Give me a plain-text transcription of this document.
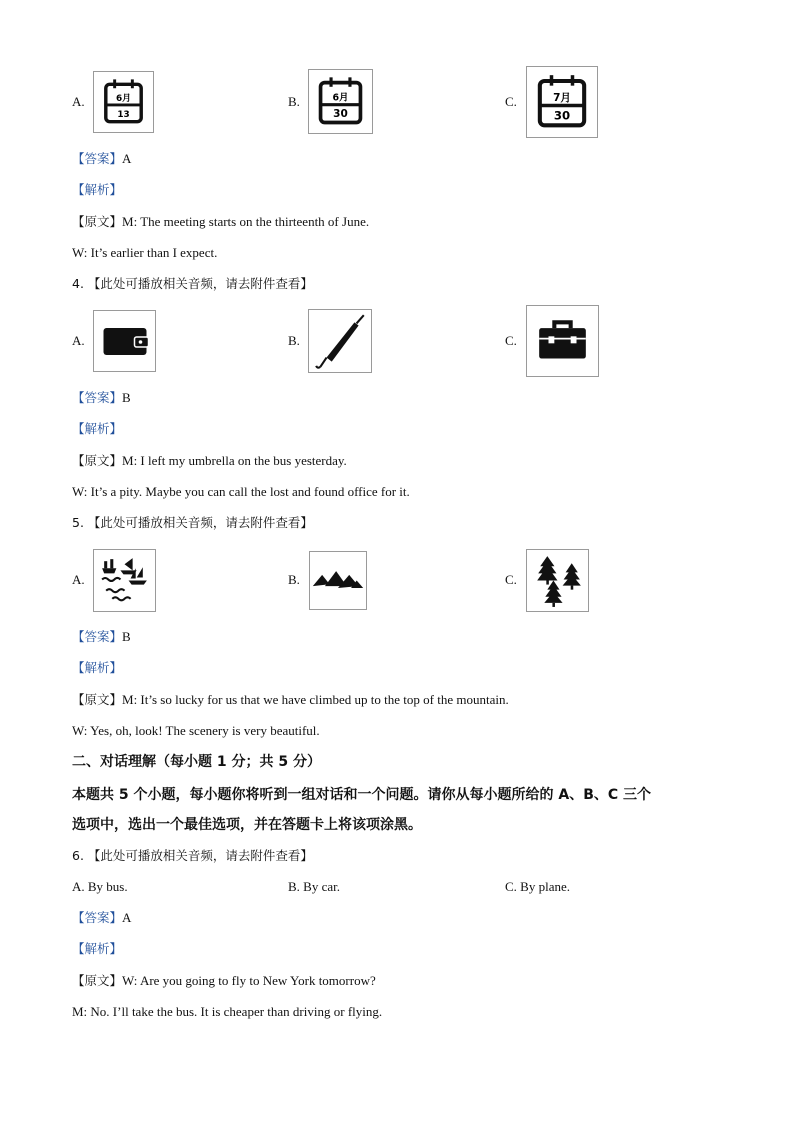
A.	6月
13
B.	6月
30
C.	7月
30
【答案】A
【解析】
【原文】M: The meeting starts on the thirteenth of June.
W: It’s earlier than I expect.
4. 【此处可播放相关音频，请去附件查看】
A.	B.	C.
【答案】B
【解析】
【原文】M: I left my umbrella on the bus yesterday.
W: It’s a pity. Maybe you can call the lost and found office for it.
5. 【此处可播放相关音频，请去附件查看】
A.	B.	C.
【答案】B
【解析】
【原文】M: It’s so lucky for us that we have climbed up to the top of the mountain.
W: Yes, oh, look! The scenery is very beautiful.
二、对话理解（每小题 1 分；共 5 分）
本题共 5 个小题，每小题你将听到一组对话和一个问题。请你从每小题所给的 A、B、C 三个
选项中，选出一个最佳选项，并在答题卡上将该项涂黑。
6. 【此处可播放相关音频，请去附件查看】
A. By bus.	B. By car.	C. By plane.
【答案】A
【解析】
【原文】W: Are you going to fly to New York tomorrow?
M: No. I’ll take the bus. It is cheaper than driving or flying.
